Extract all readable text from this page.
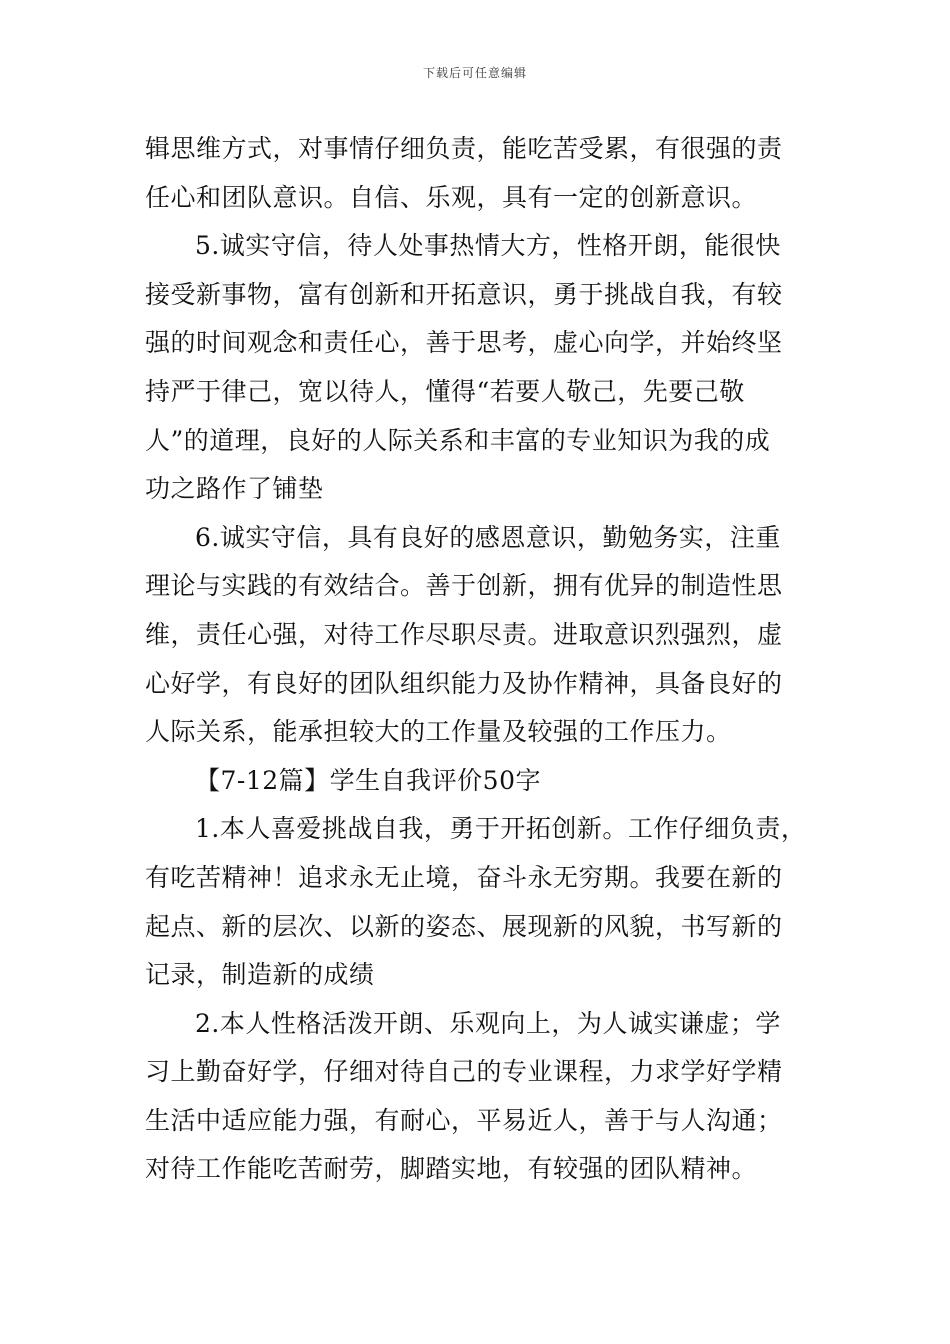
下载后可任意编辑

辑思维方式，对事情仔细负责，能吃苦受累，有很强的责
任心和团队意识。自信、乐观，具有一定的创新意识。

5.诚实守信，待人处事热情大方，性格开朗，能很快
接受新事物，富有创新和开拓意识，勇于挑战自我，有较
强的时间观念和责任心，善于思考，虚心向学，并始终坚
持严于律己，宽以待人，懂得“若要人敬己，先要己敬
人”的道理，良好的人际关系和丰富的专业知识为我的成
功之路作了铺垫

6.诚实守信，具有良好的感恩意识，勤勉务实，注重
理论与实践的有效结合。善于创新，拥有优异的制造性思
维，责任心强，对待工作尽职尽责。进取意识烈强烈，虚
心好学，有良好的团队组织能力及协作精神，具备良好的
人际关系，能承担较大的工作量及较强的工作压力。

【7-12篇】学生自我评价50字

1.本人喜爱挑战自我，勇于开拓创新。工作仔细负责，
有吃苦精神！追求永无止境，奋斗永无穷期。我要在新的
起点、新的层次、以新的姿态、展现新的风貌，书写新的
记录，制造新的成绩

2.本人性格活泼开朗、乐观向上，为人诚实谦虚；学
习上勤奋好学，仔细对待自己的专业课程，力求学好学精
生活中适应能力强，有耐心，平易近人，善于与人沟通；
对待工作能吃苦耐劳，脚踏实地，有较强的团队精神。
